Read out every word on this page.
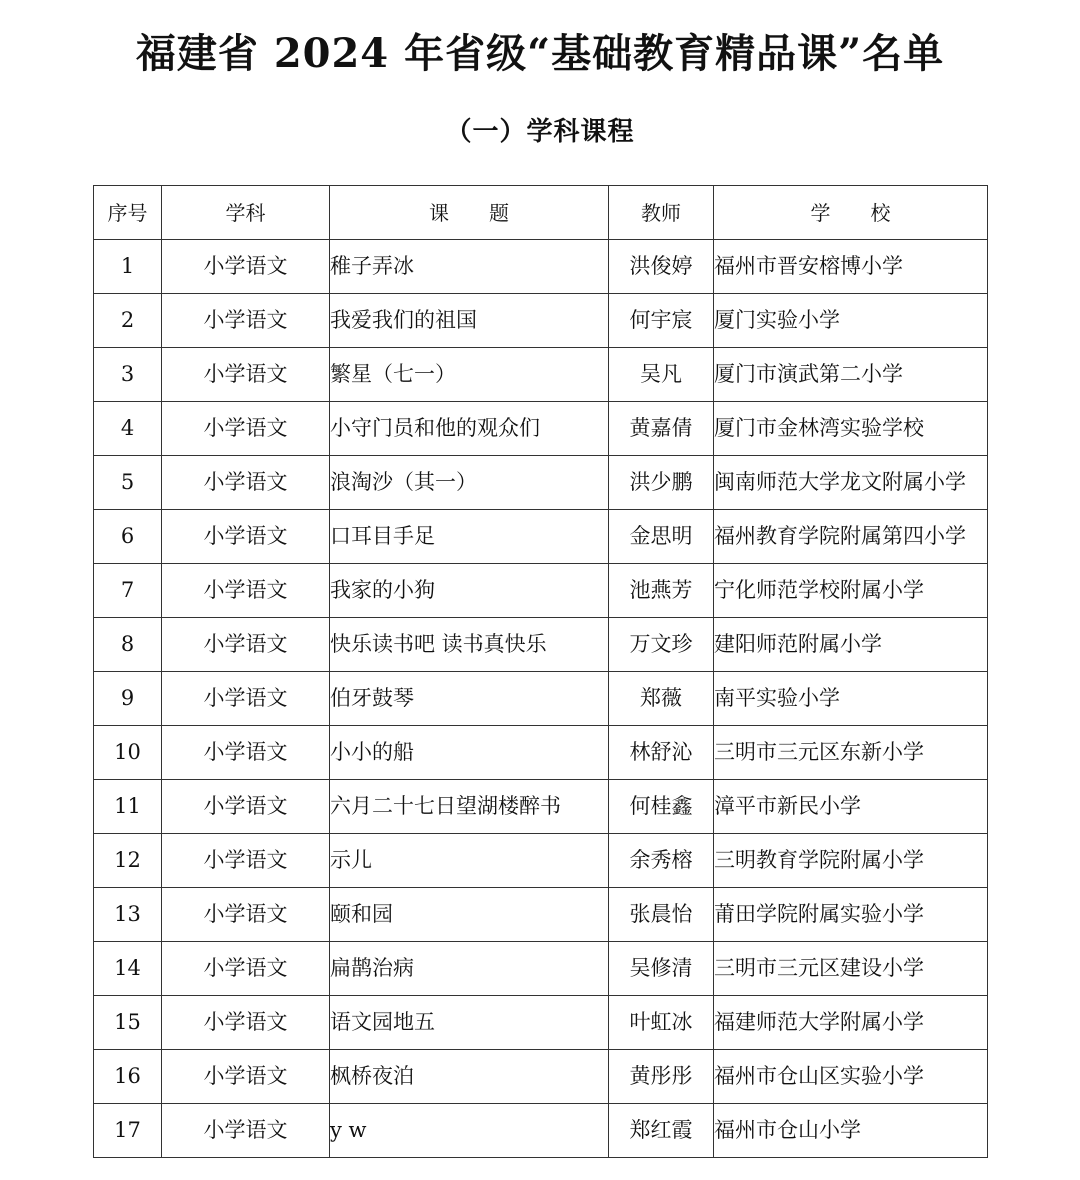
福建省 2024 年省级“基础教育精品课”名单
（一）学科课程
序号	学科	课　　题	教师	学　　校
1	小学语文	稚子弄冰	洪俊婷	福州市晋安榕博小学
2	小学语文	我爱我们的祖国	何宇宸	厦门实验小学
3	小学语文	繁星（七一）	吴凡	厦门市演武第二小学
4	小学语文	小守门员和他的观众们	黄嘉倩	厦门市金林湾实验学校
5	小学语文	浪淘沙（其一）	洪少鹏	闽南师范大学龙文附属小学
6	小学语文	口耳目手足	金思明	福州教育学院附属第四小学
7	小学语文	我家的小狗	池燕芳	宁化师范学校附属小学
8	小学语文	快乐读书吧 读书真快乐	万文珍	建阳师范附属小学
9	小学语文	伯牙鼓琴	郑薇	南平实验小学
10	小学语文	小小的船	林舒沁	三明市三元区东新小学
11	小学语文	六月二十七日望湖楼醉书	何桂鑫	漳平市新民小学
12	小学语文	示儿	余秀榕	三明教育学院附属小学
13	小学语文	颐和园	张晨怡	莆田学院附属实验小学
14	小学语文	扁鹊治病	吴修清	三明市三元区建设小学
15	小学语文	语文园地五	叶虹冰	福建师范大学附属小学
16	小学语文	枫桥夜泊	黄彤彤	福州市仓山区实验小学
17	小学语文	y w	郑红霞	福州市仓山小学
